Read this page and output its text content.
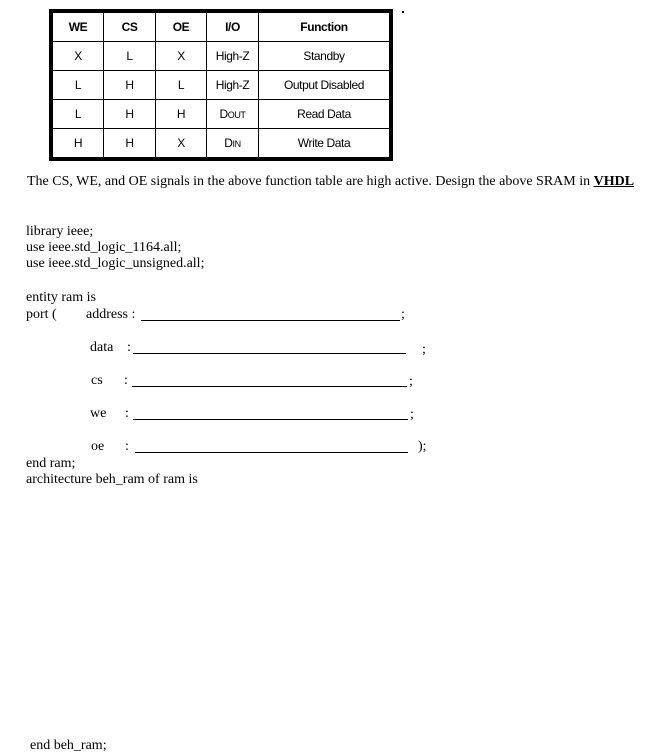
WE	CS	OE	I/O	Function
X	L	X	High-Z	Standby
L	H	L	High-Z	Output Disabled
L	H	H	DOUT	Read Data
H	H	X	DIN	Write Data
The CS, WE, and OE signals in the above function table are high active. Design the above SRAM in VHDL
library ieee;
use ieee.std_logic_1164.all;
use ieee.std_logic_unsigned.all;
entity ram is
port ( address :	;
data :	;
cs :	;
we :	;
oe :	);
end ram;
architecture beh_ram of ram is
end beh_ram;
